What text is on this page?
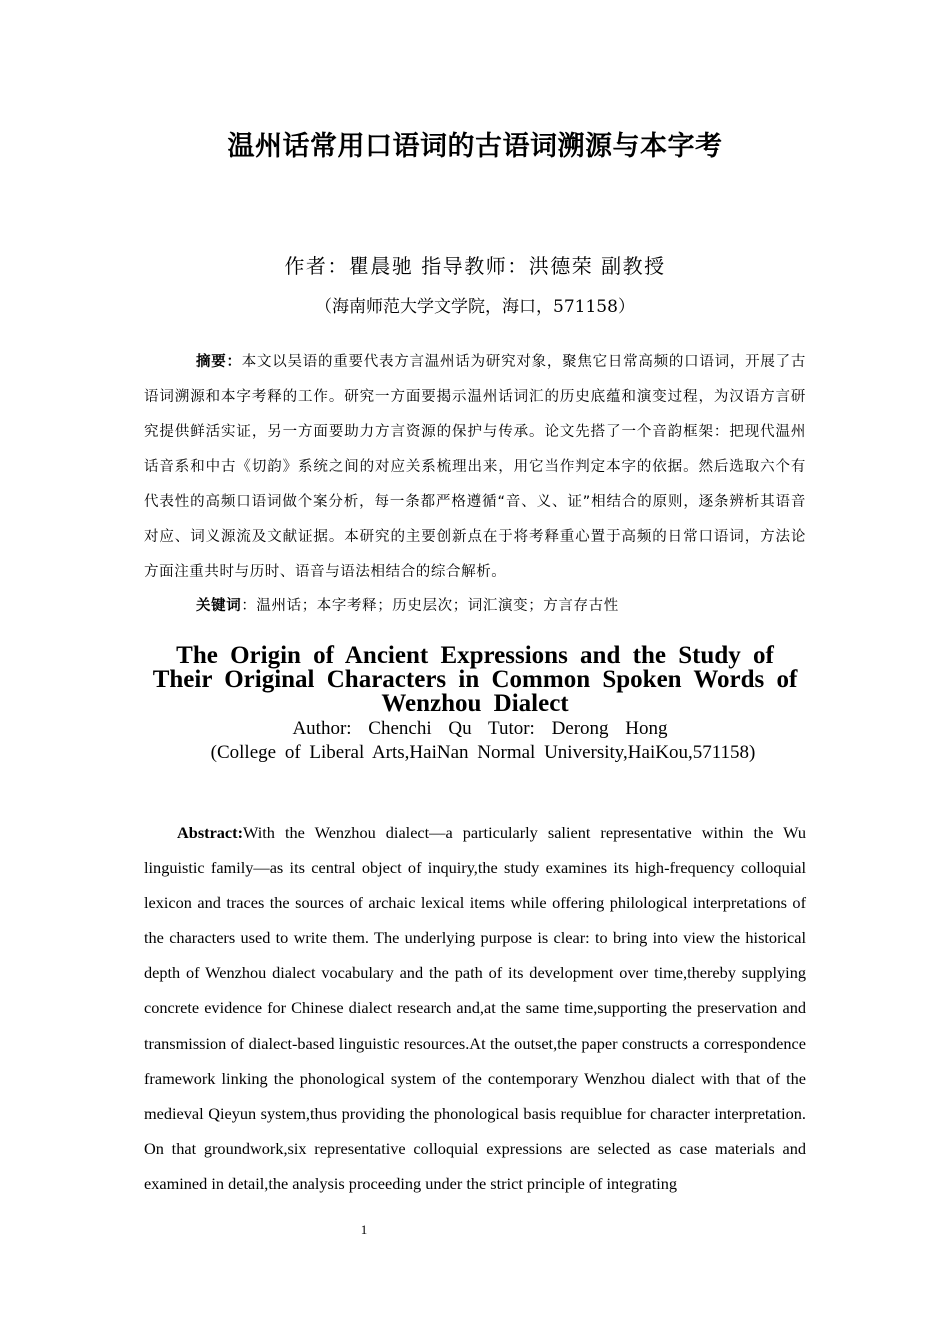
温州话常用口语词的古语词溯源与本字考
作者：瞿晨驰 指导教师：洪德荣 副教授
（海南师范大学文学院，海口，571158）
摘要：本文以吴语的重要代表方言温州话为研究对象，聚焦它日常高频的口语词，开展了古语词溯源和本字考释的工作。研究一方面要揭示温州话词汇的历史底蕴和演变过程，为汉语方言研究提供鲜活实证，另一方面要助力方言资源的保护与传承。论文先搭了一个音韵框架：把现代温州话音系和中古《切韵》系统之间的对应关系梳理出来，用它当作判定本字的依据。然后选取六个有代表性的高频口语词做个案分析，每一条都严格遵循“音、义、证”相结合的原则，逐条辨析其语音对应、词义源流及文献证据。本研究的主要创新点在于将考释重心置于高频的日常口语词，方法论方面注重共时与历时、语音与语法相结合的综合解析。
关键词：温州话；本字考释；历史层次；词汇演变；方言存古性
The Origin of Ancient Expressions and the Study of Their Original Characters in Common Spoken Words of Wenzhou Dialect
Author: Chenchi Qu Tutor: Derong Hong
(College of Liberal Arts,HaiNan Normal University,HaiKou,571158)
Abstract:With the Wenzhou dialect—a particularly salient representative within the Wu linguistic family—as its central object of inquiry,the study examines its high-frequency colloquial lexicon and traces the sources of archaic lexical items while offering philological interpretations of the characters used to write them. The underlying purpose is clear: to bring into view the historical depth of Wenzhou dialect vocabulary and the path of its development over time,thereby supplying concrete evidence for Chinese dialect research and,at the same time,supporting the preservation and transmission of dialect-based linguistic resources.At the outset,the paper constructs a correspondence framework linking the phonological system of the contemporary Wenzhou dialect with that of the medieval Qieyun system,thus providing the phonological basis requiblue for character interpretation. On that groundwork,six representative colloquial expressions are selected as case materials and examined in detail,the analysis proceeding under the strict principle of integrating
1
